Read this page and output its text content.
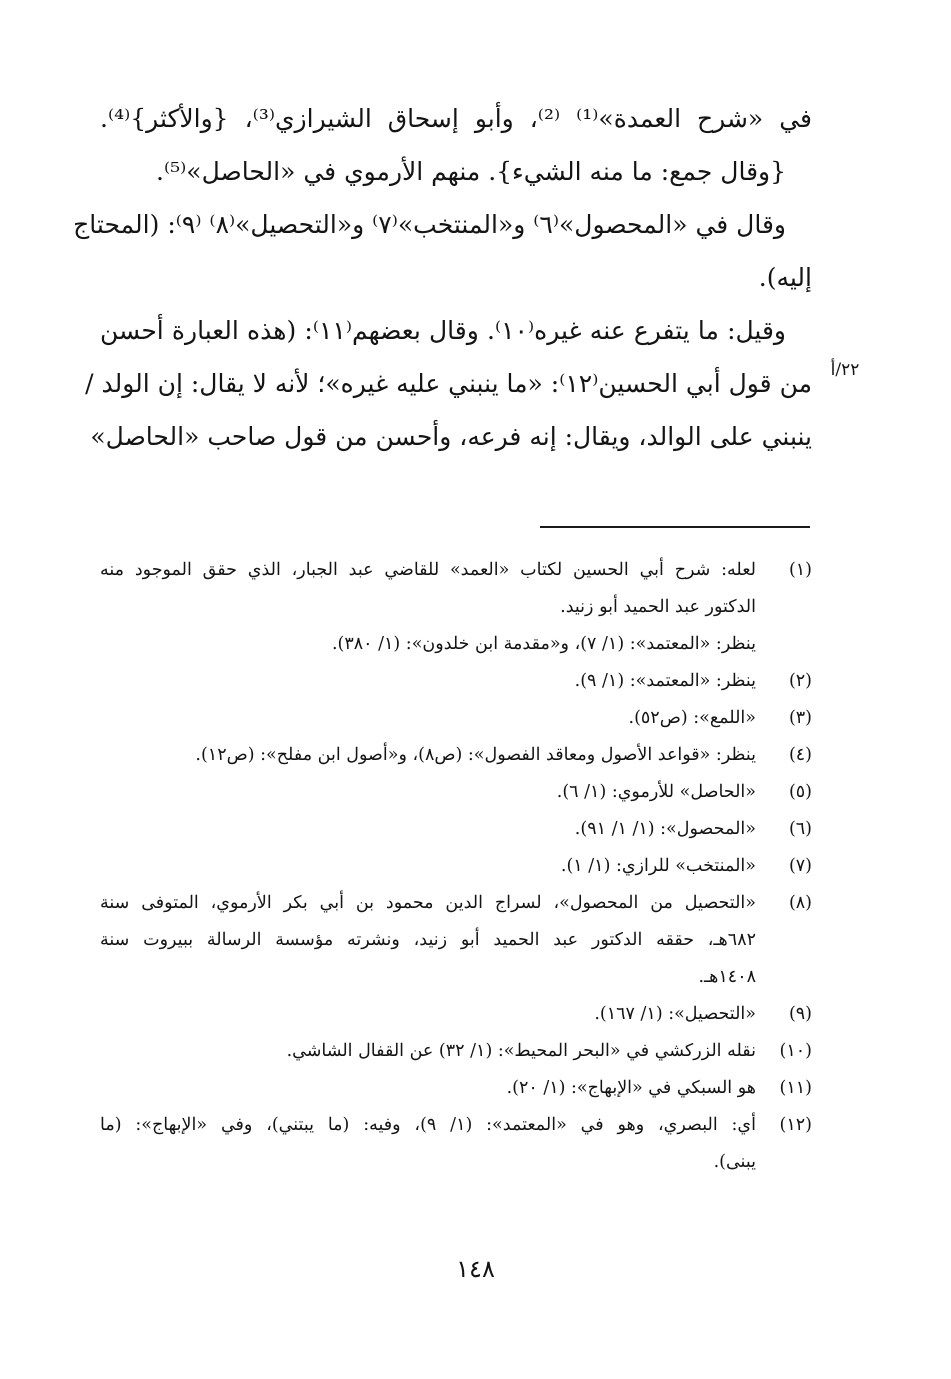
في «شرح العمدة»⁽¹⁾ ⁽²⁾، وأبو إسحاق الشيرازي⁽³⁾، {والأكثر}⁽⁴⁾.
{وقال جمع: ما منه الشيء}. منهم الأرموي في «الحاصل»⁽⁵⁾.
وقال في «المحصول»⁽٦⁾ و«المنتخب»⁽٧⁾ و«التحصيل»⁽٨⁾ ⁽٩⁾: (المحتاج
إليه).
وقيل: ما يتفرع عنه غيره⁽١٠⁾. وقال بعضهم⁽١١⁾: (هذه العبارة أحسن
من قول أبي الحسين⁽١٢⁾: «ما ينبني عليه غيره»؛ لأنه لا يقال: إن الولد /
ينبني على الوالد، ويقال: إنه فرعه، وأحسن من قول صاحب «الحاصل»
٢٢/أ
(١)
لعله: شرح أبي الحسين لكتاب «العمد» للقاضي عبد الجبار، الذي حقق الموجود منه
الدكتور عبد الحميد أبو زنيد.
ينظر: «المعتمد»: (١/ ٧)، و«مقدمة ابن خلدون»: (١/ ٣٨٠).
(٢)
ينظر: «المعتمد»: (١/ ٩).
(٣)
«اللمع»: (ص٥٢).
(٤)
ينظر: «قواعد الأصول ومعاقد الفصول»: (ص٨)، و«أصول ابن مفلح»: (ص١٢).
(٥)
«الحاصل» للأرموي: (١/ ٦).
(٦)
«المحصول»: (١/ ١/ ٩١).
(٧)
«المنتخب» للرازي: (١/ ١).
(٨)
«التحصيل من المحصول»، لسراج الدين محمود بن أبي بكر الأرموي، المتوفى سنة
٦٨٢هـ، حققه الدكتور عبد الحميد أبو زنيد، ونشرته مؤسسة الرسالة ببيروت سنة
١٤٠٨هـ.
(٩)
«التحصيل»: (١/ ١٦٧).
(١٠)
نقله الزركشي في «البحر المحيط»: (١/ ٣٢) عن القفال الشاشي.
(١١)
هو السبكي في «الإبهاج»: (١/ ٢٠).
(١٢)
أي: البصري، وهو في «المعتمد»: (١/ ٩)، وفيه: (ما يبتني)، وفي «الإبهاج»: (ما
يبنى).
١٤٨
